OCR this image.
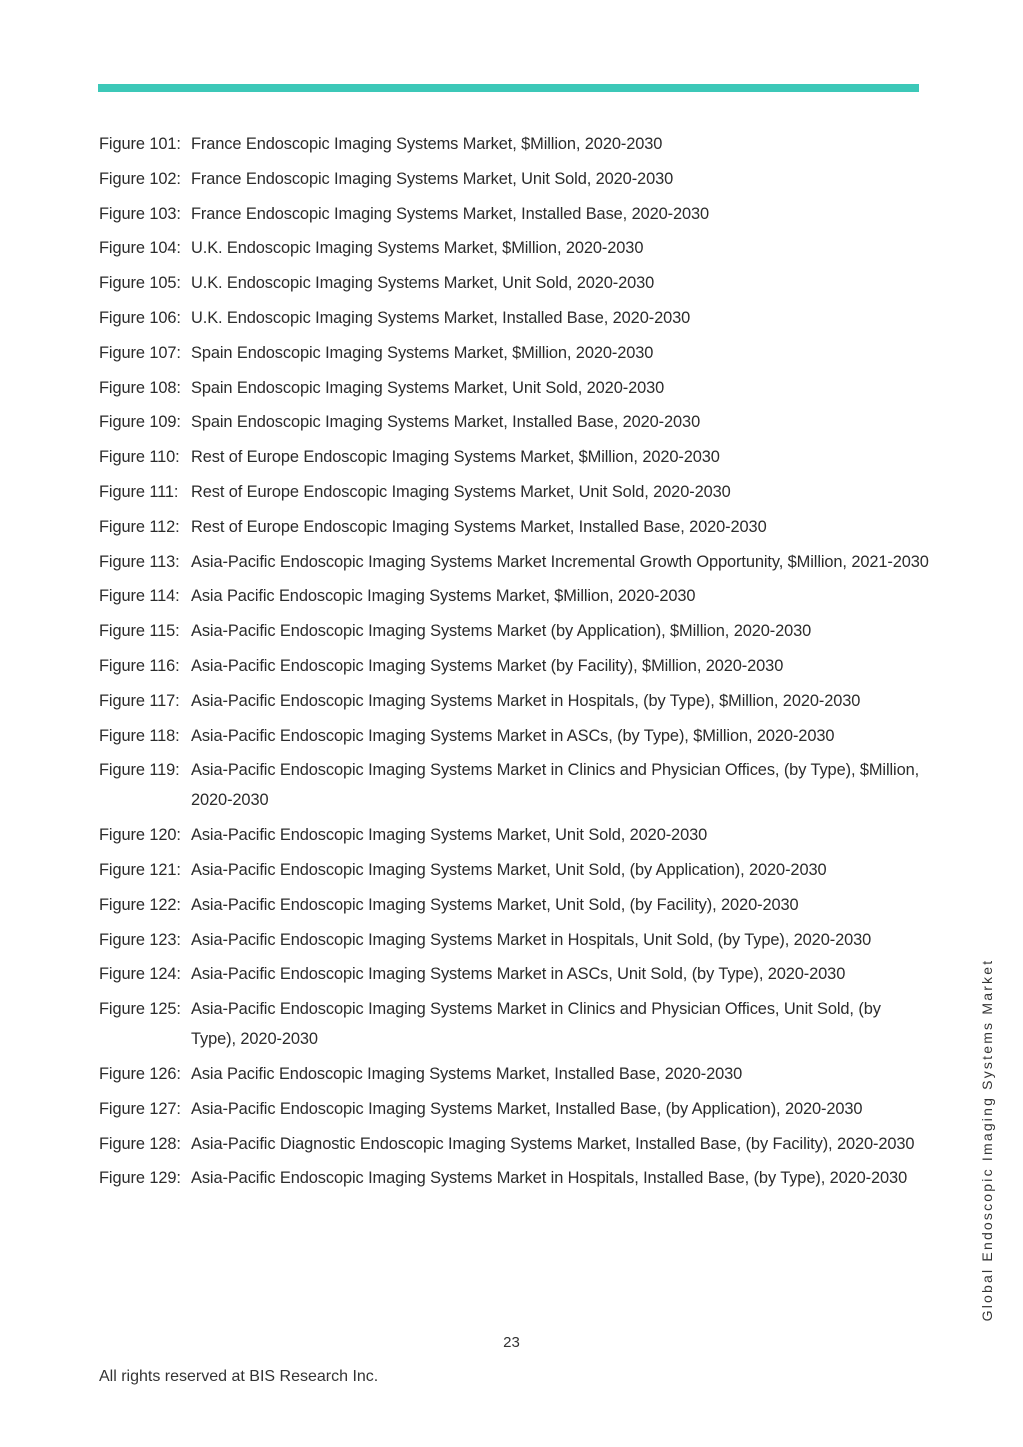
Figure 101: France Endoscopic Imaging Systems Market, $Million, 2020-2030
Figure 102: France Endoscopic Imaging Systems Market, Unit Sold, 2020-2030
Figure 103: France Endoscopic Imaging Systems Market, Installed Base, 2020-2030
Figure 104: U.K. Endoscopic Imaging Systems Market, $Million, 2020-2030
Figure 105: U.K. Endoscopic Imaging Systems Market, Unit Sold, 2020-2030
Figure 106: U.K. Endoscopic Imaging Systems Market, Installed Base, 2020-2030
Figure 107: Spain Endoscopic Imaging Systems Market, $Million, 2020-2030
Figure 108: Spain Endoscopic Imaging Systems Market, Unit Sold, 2020-2030
Figure 109: Spain Endoscopic Imaging Systems Market, Installed Base, 2020-2030
Figure 110: Rest of Europe Endoscopic Imaging Systems Market, $Million, 2020-2030
Figure 111: Rest of Europe Endoscopic Imaging Systems Market, Unit Sold, 2020-2030
Figure 112: Rest of Europe Endoscopic Imaging Systems Market, Installed Base, 2020-2030
Figure 113: Asia-Pacific Endoscopic Imaging Systems Market Incremental Growth Opportunity, $Million, 2021-2030
Figure 114: Asia Pacific Endoscopic Imaging Systems Market, $Million, 2020-2030
Figure 115: Asia-Pacific Endoscopic Imaging Systems Market (by Application), $Million, 2020-2030
Figure 116: Asia-Pacific Endoscopic Imaging Systems Market (by Facility), $Million, 2020-2030
Figure 117: Asia-Pacific Endoscopic Imaging Systems Market in Hospitals, (by Type), $Million, 2020-2030
Figure 118: Asia-Pacific Endoscopic Imaging Systems Market in ASCs, (by Type), $Million, 2020-2030
Figure 119: Asia-Pacific Endoscopic Imaging Systems Market in Clinics and Physician Offices, (by Type), $Million, 2020-2030
Figure 120: Asia-Pacific Endoscopic Imaging Systems Market, Unit Sold, 2020-2030
Figure 121: Asia-Pacific Endoscopic Imaging Systems Market, Unit Sold, (by Application), 2020-2030
Figure 122: Asia-Pacific Endoscopic Imaging Systems Market, Unit Sold, (by Facility), 2020-2030
Figure 123: Asia-Pacific Endoscopic Imaging Systems Market in Hospitals, Unit Sold, (by Type), 2020-2030
Figure 124: Asia-Pacific Endoscopic Imaging Systems Market in ASCs, Unit Sold, (by Type), 2020-2030
Figure 125: Asia-Pacific Endoscopic Imaging Systems Market in Clinics and Physician Offices, Unit Sold, (by Type), 2020-2030
Figure 126: Asia Pacific Endoscopic Imaging Systems Market, Installed Base, 2020-2030
Figure 127: Asia-Pacific Endoscopic Imaging Systems Market, Installed Base, (by Application), 2020-2030
Figure 128: Asia-Pacific Diagnostic Endoscopic Imaging Systems Market, Installed Base, (by Facility), 2020-2030
Figure 129: Asia-Pacific Endoscopic Imaging Systems Market in Hospitals, Installed Base, (by Type), 2020-2030	Global Endoscopic Imaging Systems Market
23
All rights reserved at BIS Research Inc.
